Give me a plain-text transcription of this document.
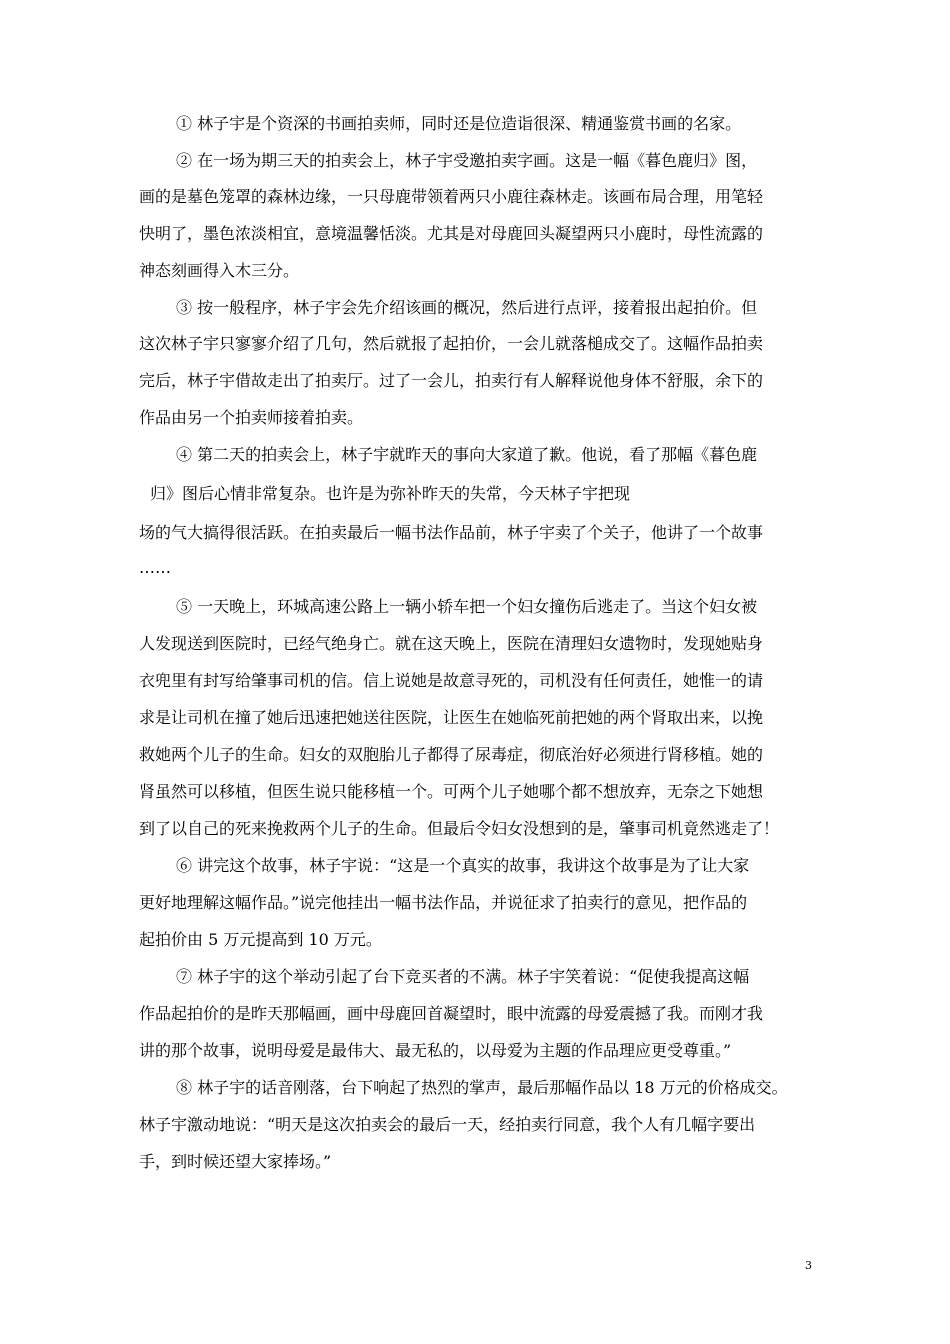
① 林子宇是个资深的书画拍卖师，同时还是位造诣很深、精通鉴赏书画的名家。
② 在一场为期三天的拍卖会上，林子宇受邀拍卖字画。这是一幅《暮色鹿归》图，
画的是墓色笼罩的森林边缘，一只母鹿带领着两只小鹿往森林走。该画布局合理，用笔轻
快明了，墨色浓淡相宜，意境温馨恬淡。尤其是对母鹿回头凝望两只小鹿时，母性流露的
神态刻画得入木三分。
③ 按一般程序，林子宇会先介绍该画的概况，然后进行点评，接着报出起拍价。但
这次林子宇只寥寥介绍了几句，然后就报了起拍价，一会儿就落槌成交了。这幅作品拍卖
完后，林子宇借故走出了拍卖厅。过了一会儿，拍卖行有人解释说他身体不舒服，余下的
作品由另一个拍卖师接着拍卖。
④ 第二天的拍卖会上，林子宇就昨天的事向大家道了歉。他说，看了那幅《暮色鹿
归》图后心情非常复杂。也许是为弥补昨天的失常，今天林子宇把现
场的气大搞得很活跃。在拍卖最后一幅书法作品前，林子宇卖了个关子，他讲了一个故事
……
⑤ 一天晚上，环城高速公路上一辆小轿车把一个妇女撞伤后逃走了。当这个妇女被
人发现送到医院时，已经气绝身亡。就在这天晚上，医院在清理妇女遗物时，发现她贴身
衣兜里有封写给肇事司机的信。信上说她是故意寻死的，司机没有任何责任，她惟一的请
求是让司机在撞了她后迅速把她送往医院，让医生在她临死前把她的两个肾取出来，以挽
救她两个儿子的生命。妇女的双胞胎儿子都得了尿毒症，彻底治好必须进行肾移植。她的
肾虽然可以移植，但医生说只能移植一个。可两个儿子她哪个都不想放弃，无奈之下她想
到了以自己的死来挽救两个儿子的生命。但最后令妇女没想到的是，肇事司机竟然逃走了！
⑥ 讲完这个故事，林子宇说：“这是一个真实的故事，我讲这个故事是为了让大家
更好地理解这幅作品。”说完他挂出一幅书法作品，并说征求了拍卖行的意见，把作品的
起拍价由 5 万元提高到 10 万元。
⑦ 林子宇的这个举动引起了台下竞买者的不满。林子宇笑着说：“促使我提高这幅
作品起拍价的是昨天那幅画，画中母鹿回首凝望时，眼中流露的母爱震撼了我。而刚才我
讲的那个故事，说明母爱是最伟大、最无私的，以母爱为主题的作品理应更受尊重。”
⑧ 林子宇的话音刚落，台下响起了热烈的掌声，最后那幅作品以 18 万元的价格成交。
林子宇激动地说：“明天是这次拍卖会的最后一天，经拍卖行同意，我个人有几幅字要出
手，到时候还望大家捧场。”
3
